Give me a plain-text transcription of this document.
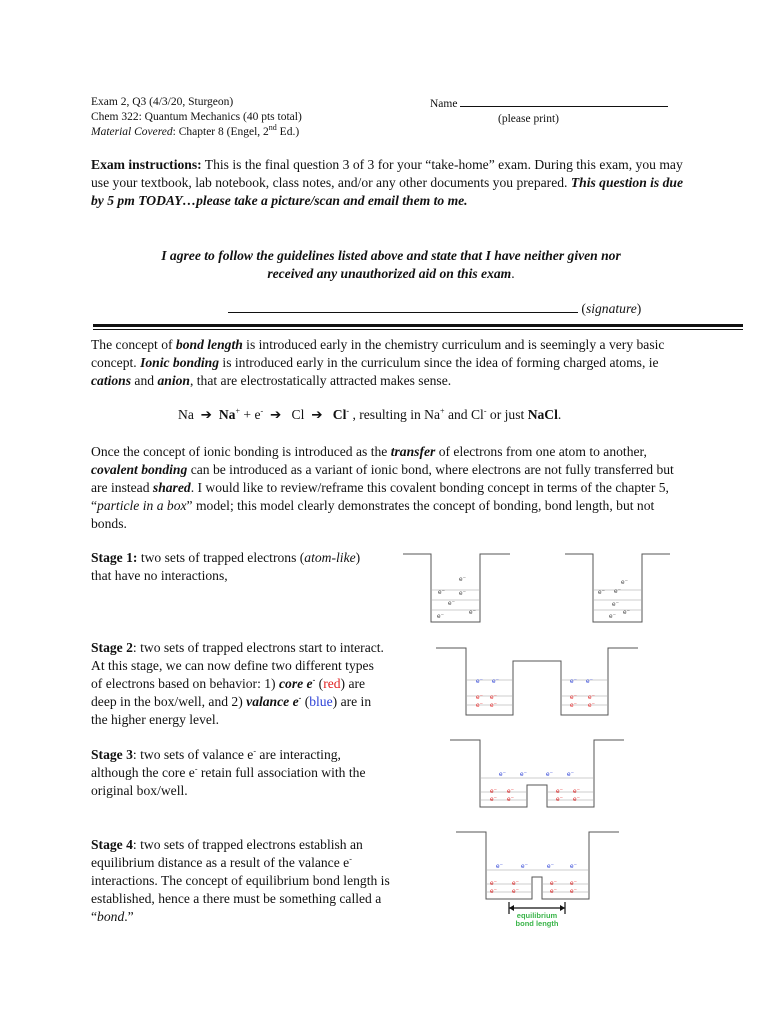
Exam 2, Q3 (4/3/20, Sturgeon)
Chem 322: Quantum Mechanics (40 pts total)
Material Covered: Chapter 8 (Engel, 2nd Ed.)
Name
(please print)
Exam instructions: This is the final question 3 of 3 for your “take-home” exam. During this exam, you may use your textbook, lab notebook, class notes, and/or any other documents you prepared. This question is due by 5 pm TODAY…please take a picture/scan and email them to me.
I agree to follow the guidelines listed above and state that I have neither given nor
received any unauthorized aid on this exam.
(signature)
The concept of bond length is introduced early in the chemistry curriculum and is seemingly a very basic concept. Ionic bonding is introduced early in the curriculum since the idea of forming charged atoms, ie cations and anion, that are electrostatically attracted makes sense.
Na ➔ Na+ + e- ➔ Cl ➔ Cl- , resulting in Na+ and Cl- or just NaCl.
Once the concept of ionic bonding is introduced as the transfer of electrons from one atom to another, covalent bonding can be introduced as a variant of ionic bond, where electrons are not fully transferred but are instead shared. I would like to review/reframe this covalent bonding concept in terms of the chapter 5, “particle in a box” model; this model clearly demonstrates the concept of bonding, bond length, but not bonds.
Stage 1: two sets of trapped electrons (atom-like) that have no interactions,
Stage 2: two sets of trapped electrons start to interact. At this stage, we can now define two different types of electrons based on behavior: 1) core e- (red) are deep in the box/well, and 2) valance e- (blue) are in the higher energy level.
Stage 3: two sets of valance e- are interacting, although the core e- retain full association with the original box/well.
Stage 4: two sets of trapped electrons establish an equilibrium distance as a result of the valance e- interactions. The concept of equilibrium bond length is established, hence a there must be something called a “bond.”
e⁻
e⁻ e⁻
e⁻
e⁻
e⁻
e⁻
e⁻ e⁻
e⁻
e⁻
e⁻
e⁻ e⁻	e⁻ e⁻
e⁻ e⁻
e⁻ e⁻
e⁻ e⁻
e⁻ e⁻
e⁻ e⁻	e⁻ e⁻
e⁻ e⁻
e⁻ e⁻
e⁻ e⁻
e⁻ e⁻
e⁻	e⁻	e⁻ e⁻
e⁻ e⁻
e⁻ e⁻
e⁻ e⁻
e⁻ e⁻
equilibrium
bond length
